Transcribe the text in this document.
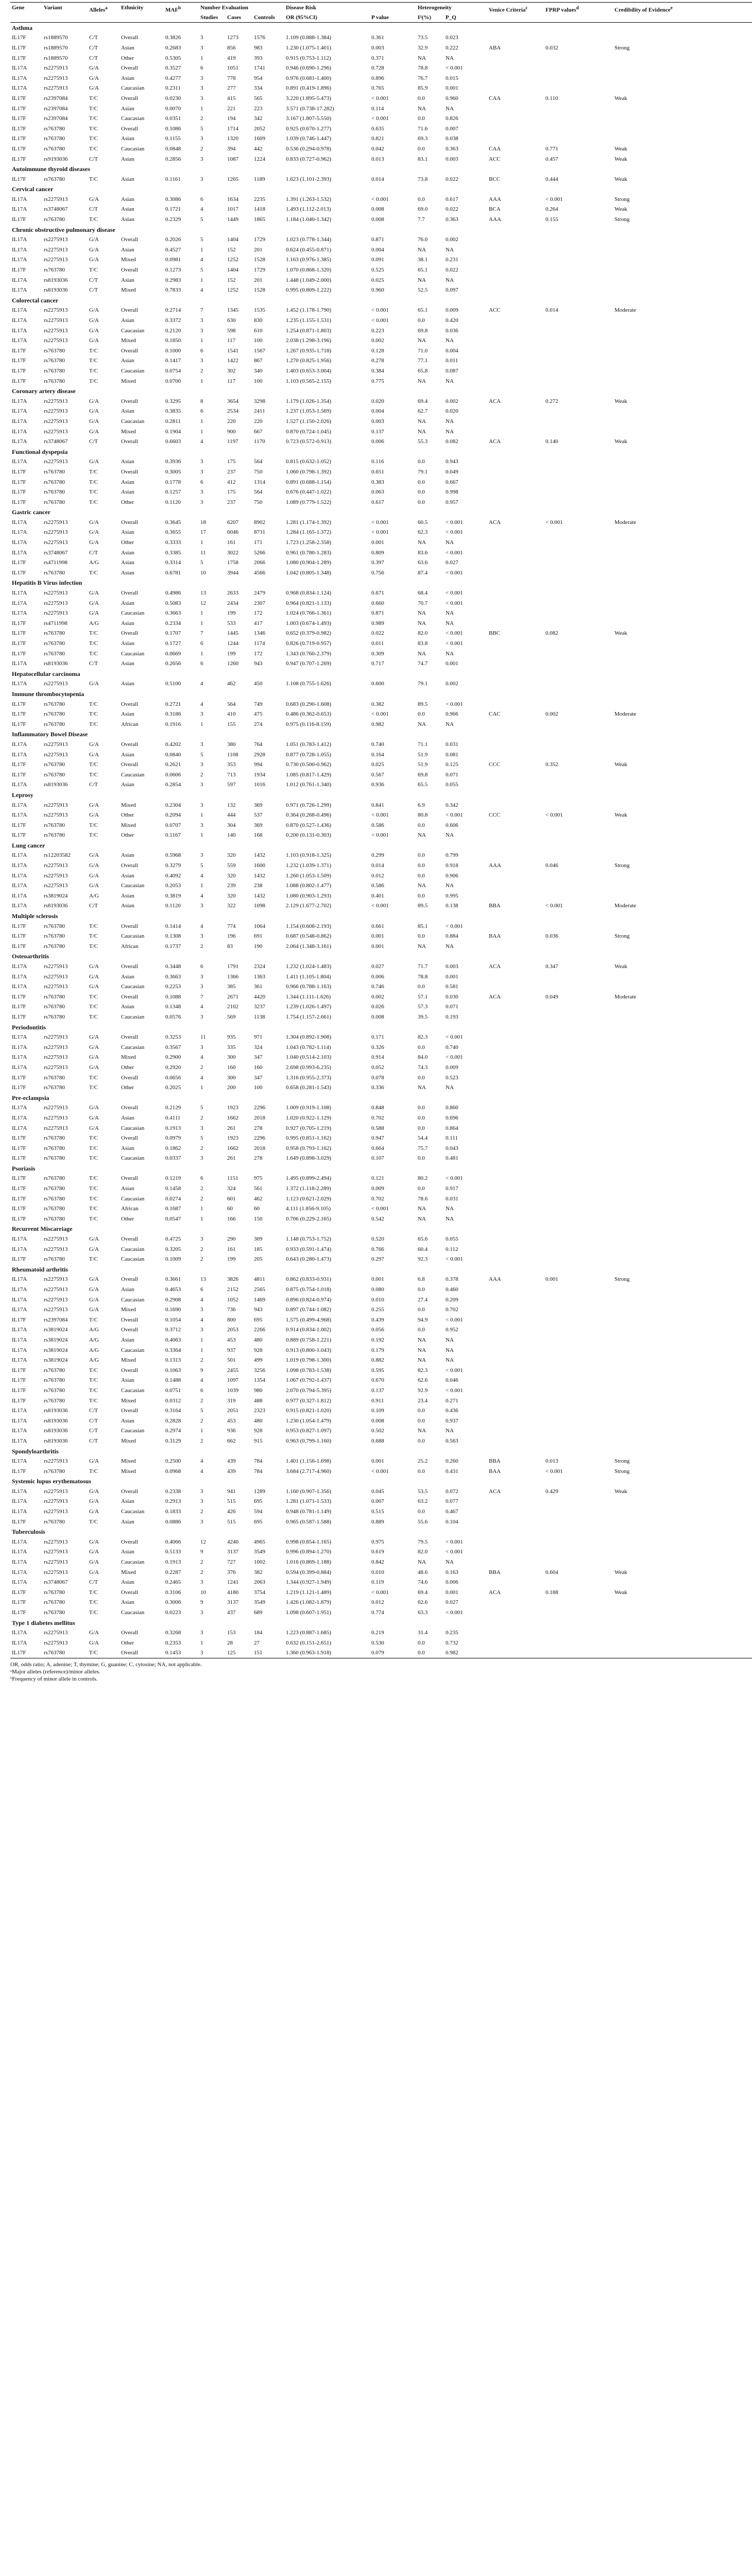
Gene	Variant	Alleles$^a$	Ethnicity	MAF$^b$	Number Evaluation			Disease Risk		Heterogeneity		Venice Criteria$^c$	FPRP values$^d$	Credibility of Evidence$^e$
					Studies	Cases	Controls	OR (95%CI)	P value	I²(%)	P_Q			
Asthma														
IL17F	rs1889570	C/T	Overall	0.3826	3	1273	1576	1.109 (0.888-1.384)	0.361	73.5	0.023			
IL17F	rs1889570	C/T	Asian	0.2683	3	856	983	1.230 (1.075-1.401)	0.003	32.9	0.222	ABA	0.032	Strong
IL17F	rs1889570	C/T	Other	0.5305	1	419	393	0.915 (0.753-1.112)	0.371	NA	NA			
IL17A	rs2275913	G/A	Overall	0.3527	6	1051	1741	0.946 (0.690-1.296)	0.728	78.8	< 0.001			
IL17A	rs2275913	G/A	Asian	0.4277	3	778	954	0.976 (0.681-1.400)	0.896	76.7	0.015			
IL17A	rs2275913	G/A	Caucasian	0.2311	3	277	334	0.891 (0.419-1.896)	0.765	85.9	0.001			
IL17F	rs2397084	T/C	Overall	0.0230	3	415	565	3.220 (1.895-5.473)	< 0.001	0.0	0.960	CAA	0.110	Weak
IL17F	rs2397084	T/C	Asian	0.0070	1	221	223	3.571 (0.738-17.282)	0.114	NA	NA			
IL17F	rs2397084	T/C	Caucasian	0.0351	2	194	342	3.167 (1.807-5.550)	< 0.001	0.0	0.826			
IL17F	rs763780	T/C	Overall	0.1086	5	1714	2052	0.925 (0.670-1.277)	0.635	71.6	0.007			
IL17F	rs763780	T/C	Asian	0.1155	3	1320	1609	1.039 (0.746-1.447)	0.821	69.3	0.038			
IL17F	rs763780	T/C	Caucasian	0.0848	2	394	442	0.536 (0.294-0.978)	0.042	0.0	0.363	CAA	0.771	Weak
IL17F	rs9193036	C/T	Asian	0.2856	3	1087	1224	0.833 (0.727-0.962)	0.013	83.1	0.003	ACC	0.457	Weak
Autoimmune thyroid diseases														
IL17F	rs763780	T/C	Asian	0.1161	3	1265	1189	1.623 (1.101-2.393)	0.014	73.8	0.022	BCC	0.444	Weak
Cervical cancer														
IL17A	rs2275913	G/A	Asian	0.3086	6	1634	2235	1.391 (1.263-1.532)	< 0.001	0.0	0.617	AAA	< 0.001	Strong
IL17A	rs3748067	C/T	Asian	0.1721	4	1017	1418	1.493 (1.112-2.013)	0.008	69.0	0.022	BCA	0.264	Weak
IL17F	rs763780	T/C	Asian	0.2329	5	1449	1865	1.184 (1.040-1.342)	0.008	7.7	0.363	AAA	0.155	Strong
Chronic obstructive pulmonary disease														
IL17A	rs2275913	G/A	Overall	0.2026	5	1404	1729	1.023 (0.778-1.344)	0.871	76.0	0.002			
IL17A	rs2275913	G/A	Asian	0.4527	1	152	201	0.624 (0.455-0.871)	0.004	NA	NA			
IL17A	rs2275913	G/A	Mixed	0.0981	4	1252	1528	1.163 (0.976-1.385)	0.091	38.1	0.231			
IL17F	rs763780	T/C	Overall	0.1273	5	1404	1729	1.070 (0.868-1.320)	0.525	65.1	0.022			
IL17A	rs8193036	C/T	Asian	0.2983	1	152	201	1.448 (1.049-2.000)	0.025	NA	NA			
IL17A	rs8193036	C/T	Mixed	0.7833	4	1252	1528	0.995 (0.809-1.222)	0.960	52.5	0.097			
Colorectal cancer														
IL17A	rs2275913	G/A	Overall	0.2714	7	1345	1535	1.452 (1.178-1.790)	< 0.001	65.1	0.009	ACC	0.014	Moderate
IL17A	rs2275913	G/A	Asian	0.3372	3	630	830	1.235 (1.155-1.531)	< 0.001	0.0	0.420			
IL17A	rs2275913	G/A	Caucasian	0.2120	3	598	610	1.254 (0.871-1.803)	0.223	69.8	0.036			
IL17A	rs2275913	G/A	Mixed	0.1850	1	117	100	2.038 (1.298-3.196)	0.002	NA	NA			
IL17F	rs763780	T/C	Overall	0.1000	6	1541	1567	1.267 (0.935-1.718)	0.128	71.0	0.004			
IL17F	rs763780	T/C	Asian	0.1417	3	1422	867	1.270 (0.825-1.956)	0.278	77.1	0.011			
IL17F	rs763780	T/C	Caucasian	0.0754	2	302	340	1.403 (0.653-3.004)	0.384	65.8	0.087			
IL17F	rs763780	T/C	Mixed	0.0700	1	117	100	1.103 (0.565-2.155)	0.775	NA	NA			
Coronary artery disease														
IL17A	rs2275913	G/A	Overall	0.3295	8	3654	3298	1.179 (1.026-1.354)	0.020	69.4	0.002	ACA	0.272	Weak
IL17A	rs2275913	G/A	Asian	0.3835	6	2534	2411	1.237 (1.053-1.569)	0.004	62.7	0.020			
IL17A	rs2275913	G/A	Caucasian	0.2811	1	220	220	1.527 (1.150-2.026)	0.003	NA	NA			
IL17A	rs2275913	G/A	Mixed	0.1904	1	900	667	0.870 (0.724-1.045)	0.137	NA	NA			
IL17A	rs3748067	C/T	Overall	0.6603	4	1197	1170	0.723 (0.572-0.913)	0.006	55.3	0.082	ACA	0.140	Weak
Functional dyspepsia														
IL17A	rs2275913	G/A	Asian	0.3936	3	175	564	0.815 (0.632-1.052)	0.116	0.0	0.943			
IL17F	rs763780	T/C	Overall	0.3005	3	237	750	1.060 (0.798-1.392)	0.651	79.1	0.049			
IL17F	rs763780	T/C	Asian	0.1778	6	412	1314	0.891 (0.688-1.154)	0.383	0.0	0.667			
IL17F	rs763780	T/C	Asian	0.1257	3	175	564	0.676 (0.447-1.022)	0.063	0.0	0.998			
IL17F	rs763780	T/C	Other	0.1120	3	237	750	1.089 (0.779-1.522)	0.617	0.0	0.957			
Gastric cancer														
IL17A	rs2275913	G/A	Overall	0.3645	18	6207	8902	1.281 (1.174-1.392)	< 0.001	60.5	< 0.001	ACA	< 0.001	Moderate
IL17A	rs2275913	G/A	Asian	0.3655	17	6046	8731	1.284 (1.165-1.372)	< 0.001	62.3	< 0.001			
IL17A	rs2275913	G/A	Other	0.3333	1	161	171	1.723 (1.258-2.358)	0.001	NA	NA			
IL17A	rs3748067	C/T	Asian	0.3385	11	3022	5266	0.961 (0.780-1.283)	0.809	83.6	< 0.001			
IL17F	rs4711998	A/G	Asian	0.3314	5	1758	2066	1.080 (0.904-1.289)	0.397	63.6	0.027			
IL17F	rs763780	T/C	Asian	0.6781	10	3944	4566	1.042 (0.805-1.348)	0.756	87.4	< 0.001			
Hepatitis B Virus infection														
IL17A	rs2275913	G/A	Overall	0.4986	13	2633	2479	0.968 (0.834-1.124)	0.671	68.4	< 0.001			
IL17A	rs2275913	G/A	Asian	0.5083	12	2434	2307	0.964 (0.821-1.133)	0.660	70.7	< 0.001			
IL17A	rs2275913	G/A	Caucasian	0.3663	1	199	172	1.024 (0.766-1.361)	0.871	NA	NA			
IL17F	rs4711998	A/G	Asian	0.2334	1	533	417	1.003 (0.674-1.493)	0.989	NA	NA			
IL17F	rs763780	T/C	Overall	0.1707	7	1445	1346	0.652 (0.379-0.982)	0.022	82.0	< 0.001	BBC	0.082	Weak
IL17F	rs763780	T/C	Asian	0.1727	6	1244	1174	0.826 (0.719-0.957)	0.011	83.8	< 0.001			
IL17F	rs763780	T/C	Caucasian	0.0669	1	199	172	1.343 (0.760-2.379)	0.309	NA	NA			
IL17A	rs8193036	C/T	Asian	0.2656	6	1260	943	0.947 (0.707-1.269)	0.717	74.7	0.001			
Hepatocellular carcinoma														
IL17A	rs2275913	G/A	Asian	0.5100	4	462	450	1.108 (0.755-1.626)	0.600	79.1	0.002			
Immune thrombocytopenia														
IL17F	rs763780	T/C	Overall	0.2721	4	564	749	0.683 (0.290-1.608)	0.382	89.5	< 0.001			
IL17F	rs763780	T/C	Asian	0.3186	3	410	475	0.486 (0.362-0.653)	< 0.001	0.0	0.966	CAC	0.002	Moderate
IL17F	rs763780	T/C	African	0.1916	1	155	274	0.975 (0.116-8.159)	0.982	NA	NA			
Inflammatory Bowel Disease														
IL17A	rs2275913	G/A	Overall	0.4202	3	380	764	1.051 (0.783-1.412)	0.740	71.1	0.031			
IL17A	rs2275913	G/A	Asian	0.0840	5	1108	2928	0.877 (0.728-1.055)	0.164	51.9	0.081			
IL17F	rs763780	T/C	Overall	0.2621	3	353	994	0.730 (0.500-0.962)	0.025	51.9	0.125	CCC	0.352	Weak
IL17F	rs763780	T/C	Caucasian	0.0606	2	713	1934	1.085 (0.817-1.429)	0.567	69.8	0.071			
IL17A	rs8193036	C/T	Asian	0.2854	3	597	1016	1.012 (0.761-1.340)	0.936	65.5	0.055			
Leprosy														
IL17A	rs2275913	G/A	Mixed	0.2304	3	132	369	0.971 (0.726-1.299)	0.841	6.9	0.342			
IL17A	rs2275913	G/A	Other	0.2094	1	444	537	0.364 (0.268-0.496)	< 0.001	80.8	< 0.001	CCC	< 0.001	Weak
IL17F	rs763780	T/C	Mixed	0.0707	3	304	369	0.870 (0.527-1.436)	0.586	0.0	0.606			
IL17F	rs763780	T/C	Other	0.1167	1	140	168	0.200 (0.131-0.303)	< 0.001	NA	NA			
Lung cancer														
IL17A	rs12203582	G/A	Asian	0.5968	3	320	1432	1.103 (0.918-1.325)	0.299	0.0	0.799			
IL17A	rs2275913	G/A	Overall	0.3279	5	559	1600	1.232 (1.039-1.371)	0.014	0.0	0.918	AAA	0.046	Strong
IL17A	rs2275913	G/A	Asian	0.4092	4	320	1432	1.260 (1.053-1.509)	0.012	0.0	0.906			
IL17A	rs2275913	G/A	Caucasian	0.2053	1	239	238	1.088 (0.802-1.477)	0.586	NA	NA			
IL17A	rs3819024	A/G	Asian	0.3819	4	320	1432	1.080 (0.903-1.293)	0.401	0.0	0.995			
IL17A	rs8193036	C/T	Asian	0.1120	3	322	1098	2.129 (1.677-2.702)	< 0.001	89.5	0.138	BBA	< 0.001	Moderate
Multiple sclerosis														
IL17F	rs763780	T/C	Overall	0.1414	4	774	1064	1.154 (0.608-2.193)	0.661	85.1	< 0.001			
IL17F	rs763780	T/C	Caucasian	0.1308	3	196	691	0.687 (0.548-0.862)	0.001	0.0	0.884	BAA	0.036	Strong
IL17F	rs763780	T/C	African	0.1737	2	83	190	2.064 (1.348-3.161)	0.001	NA	NA			
Osteoarthritis														
IL17A	rs2275913	G/A	Overall	0.3448	6	1791	2324	1.232 (1.024-1.483)	0.027	71.7	0.003	ACA	0.347	Weak
IL17A	rs2275913	G/A	Asian	0.3663	3	1366	1363	1.411 (1.105-1.804)	0.006	78.8	0.001			
IL17A	rs2275913	G/A	Caucasian	0.2253	3	385	361	0.966 (0.788-1.163)	0.746	0.0	0.581			
IL17F	rs763780	T/C	Overall	0.1088	7	2671	4420	1.344 (1.111-1.626)	0.002	57.1	0.030	ACA	0.049	Moderate
IL17F	rs763780	T/C	Asian	0.1348	4	2102	3237	1.239 (1.026-1.497)	0.026	57.3	0.071			
IL17F	rs763780	T/C	Caucasian	0.0576	3	569	1138	1.754 (1.157-2.661)	0.008	39.5	0.193			
Periodontitis														
IL17A	rs2275913	G/A	Overall	0.3253	11	935	971	1.304 (0.892-1.908)	0.171	82.3	< 0.001			
IL17A	rs2275913	G/A	Caucasian	0.3567	3	335	324	1.043 (0.782-1.114)	0.326	0.0	0.740			
IL17A	rs2275913	G/A	Mixed	0.2900	4	300	347	1.040 (0.514-2.103)	0.914	84.0	< 0.001			
IL17A	rs2275913	G/A	Other	0.2920	2	160	160	2.698 (0.993-6.235)	0.052	74.3	0.009			
IL17F	rs763780	T/C	Overall	0.0656	4	300	347	1.316 (0.955-2.373)	0.078	0.0	0.523			
IL17F	rs763780	T/C	Other	0.2025	1	200	100	0.658 (0.281-1.543)	0.336	NA	NA			
Pre-eclampsia														
IL17A	rs2275913	G/A	Overall	0.2129	5	1923	2296	1.009 (0.919-1.108)	0.848	0.0	0.860			
IL17A	rs2275913	G/A	Asian	0.4111	2	1662	2018	1.020 (0.922-1.129)	0.702	0.0	0.696			
IL17A	rs2275913	G/A	Caucasian	0.1913	3	261	278	0.927 (0.705-1.219)	0.588	0.0	0.864			
IL17F	rs763780	T/C	Overall	0.0979	5	1923	2296	0.995 (0.851-1.162)	0.947	54.4	0.111			
IL17F	rs763780	T/C	Asian	0.1862	2	1662	2018	0.958 (0.793-1.162)	0.664	75.7	0.043			
IL17F	rs763780	T/C	Caucasian	0.0337	3	261	278	1.649 (0.898-3.029)	0.107	0.0	0.481			
Psoriasis														
IL17F	rs763780	T/C	Overall	0.1219	6	1151	975	1.495 (0.899-2.494)	0.121	80.2	< 0.001			
IL17F	rs763780	T/C	Asian	0.1458	2	324	561	1.372 (1.118-2.289)	0.009	0.0	0.917			
IL17F	rs763780	T/C	Caucasian	0.0274	2	601	462	1.123 (0.621-2.029)	0.702	78.6	0.031			
IL17F	rs763780	T/C	African	0.1687	1	60	60	4.111 (1.856-9.105)	< 0.001	NA	NA			
IL17F	rs763780	T/C	Other	0.0547	1	166	150	0.706 (0.229-2.165)	0.542	NA	NA			
Recurrent Miscarriage														
IL17A	rs2275913	G/A	Overall	0.4725	3	290	309	1.148 (0.753-1.752)	0.520	65.6	0.055			
IL17A	rs2275913	G/A	Caucasian	0.3205	2	161	185	0.933 (0.591-1.474)	0.766	60.4	0.112			
IL17F	rs763780	T/C	Caucasian	0.1009	2	199	205	0.643 (0.280-1.473)	0.297	92.3	< 0.001			
Rheumatoid arthritis														
IL17A	rs2275913	G/A	Overall	0.3661	13	3826	4811	0.862 (0.833-0.931)	0.001	6.8	0.378	AAA	0.001	Strong
IL17A	rs2275913	G/A	Asian	0.4653	6	2152	2565	0.875 (0.754-1.018)	0.080	0.0	0.460			
IL17A	rs2275913	G/A	Caucasian	0.2908	4	1052	1469	0.896 (0.824-0.974)	0.010	27.4	0.209			
IL17A	rs2275913	G/A	Mixed	0.1690	3	736	943	0.897 (0.744-1.082)	0.255	0.0	0.702			
IL17F	rs2397084	T/C	Overall	0.1054	4	800	695	1.575 (0.499-4.968)	0.439	94.9	< 0.001			
IL17A	rs3819024	A/G	Overall	0.3712	3	2053	2266	0.914 (0.834-1.002)	0.056	0.0	0.952			
IL17A	rs3819024	A/G	Asian	0.4063	1	453	480	0.889 (0.758-1.221)	0.192	NA	NA			
IL17A	rs3819024	A/G	Caucasian	0.3364	1	937	928	0.913 (0.800-1.043)	0.179	NA	NA			
IL17A	rs3819024	A/G	Mixed	0.1313	2	501	499	1.019 (0.798-1.300)	0.882	NA	NA			
IL17F	rs763780	T/C	Overall	0.1063	9	2455	3256	1.098 (0.783-1.538)	0.595	82.3	< 0.001			
IL17F	rs763780	T/C	Asian	0.1488	4	1097	1354	1.067 (0.792-1.437)	0.670	62.6	0.046			
IL17F	rs763780	T/C	Caucasian	0.0751	6	1039	980	2.070 (0.794-5.395)	0.137	92.9	< 0.001			
IL17F	rs763780	T/C	Mixed	0.0312	2	319	488	0.977 (0.327-1.812)	0.911	23.4	0.271			
IL17A	rs8193036	C/T	Overall	0.3164	5	2051	2323	0.915 (0.821-1.020)	0.109	0.0	0.436			
IL17A	rs8193036	C/T	Asian	0.2828	2	453	480	1.230 (1.054-1.479)	0.008	0.0	0.937			
IL17A	rs8193036	C/T	Caucasian	0.2974	1	936	928	0.953 (0.827-1.097)	0.502	NA	NA			
IL17A	rs8193036	C/T	Mixed	0.3129	2	662	915	0.963 (0.799-1.160)	0.688	0.0	0.563			
Spondyloarthritis														
IL17A	rs2275913	G/A	Mixed	0.2500	4	439	784	1.401 (1.156-1.698)	0.001	25.2	0.260	BBA	0.013	Strong
IL17F	rs763780	T/C	Mixed	0.0968	4	439	784	3.684 (2.717-4.960)	< 0.001	0.0	0.431	BAA	< 0.001	Strong
Systemic lupus erythematosus														
IL17A	rs2275913	G/A	Overall	0.2338	3	941	1289	1.160 (0.907-1.356)	0.045	53.5	0.072	ACA	0.429	Weak
IL17A	rs2275913	G/A	Asian	0.2913	3	515	695	1.281 (1.071-1.533)	0.007	63.2	0.077			
IL17A	rs2275913	G/A	Caucasian	0.1833	2	426	594	0.948 (0.781-1.149)	0.515	0.0	0.467			
IL17F	rs763780	T/C	Asian	0.0886	3	515	695	0.965 (0.587-1.588)	0.889	55.6	0.104			
Tuberculosis														
IL17A	rs2275913	G/A	Overall	0.4066	12	4240	4965	0.998 (0.854-1.165)	0.975	79.5	< 0.001			
IL17A	rs2275913	G/A	Asian	0.5133	9	3137	3549	0.996 (0.894-1.270)	0.619	82.0	< 0.001			
IL17A	rs2275913	G/A	Caucasian	0.1913	2	727	1002	1.016 (0.869-1.188)	0.842	NA	NA			
IL17A	rs2275913	G/A	Mixed	0.2287	2	376	382	0.594 (0.399-0.884)	0.010	48.6	0.163	BBA	0.604	Weak
IL17A	rs3748067	C/T	Asian	0.2465	3	1241	2063	1.344 (0.927-1.949)	0.119	74.6	0.006			
IL17F	rs763780	T/C	Overall	0.3106	10	4180	3754	1.219 (1.121-1.489)	< 0.001	69.4	0.001	ACA	0.188	Weak
IL17F	rs763780	T/C	Asian	0.3006	9	3137	3549	1.426 (1.082-1.879)	0.012	62.6	0.027			
IL17F	rs763780	T/C	Caucasian	0.0223	3	437	689	1.098 (0.607-1.951)	0.774	63.3	< 0.001			
Type 1 diabetes mellitus														
IL17A	rs2275913	G/A	Overall	0.3268	3	153	184	1.223 (0.887-1.685)	0.219	31.4	0.235			
IL17A	rs2275913	G/A	Other	0.2353	1	28	27	0.632 (0.151-2.651)	0.530	0.0	0.732			
IL17F	rs763780	T/C	Overall	0.1453	3	125	151	1.360 (0.963-1.918)	0.079	0.0	0.982			
OR, odds ratio; A, adenine; T, thymine; G, guanine; C, cytosine; NA, not applicable.
ᵃMajor alleles (reference)/minor alleles.
ᵇFrequency of minor allele in controls.
